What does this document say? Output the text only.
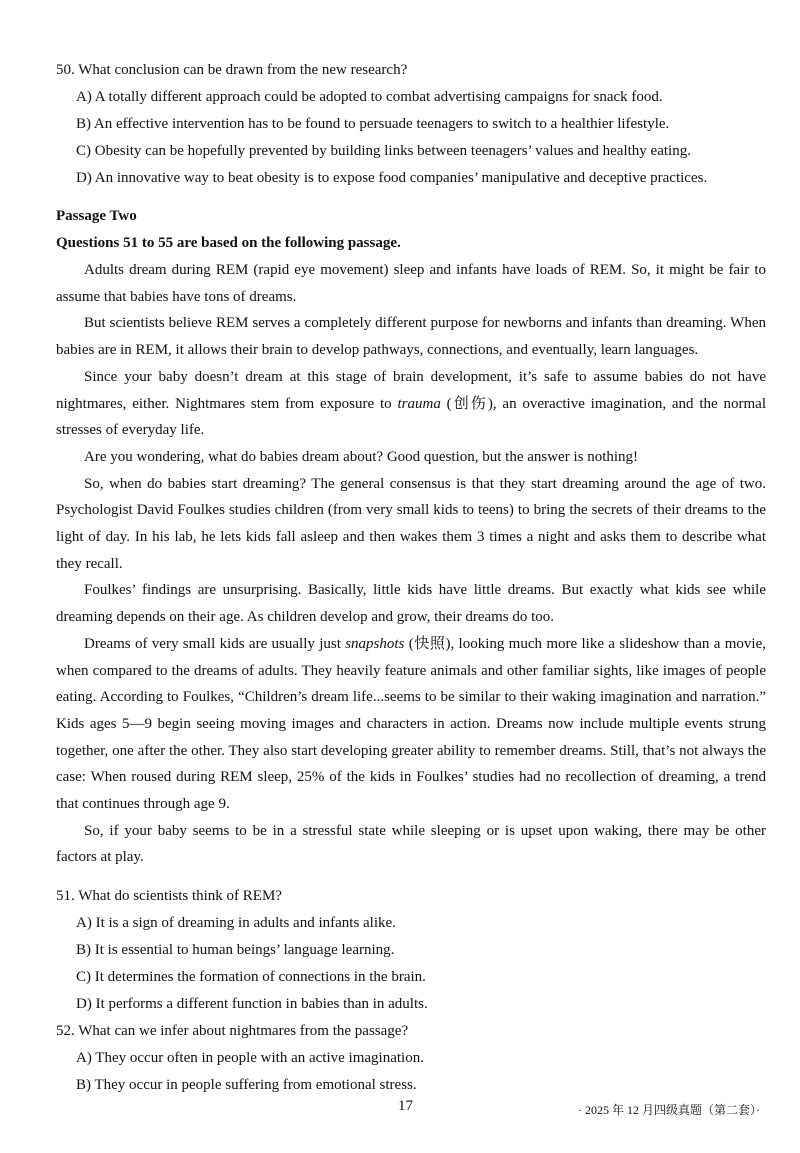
50. What conclusion can be drawn from the new research?
A) A totally different approach could be adopted to combat advertising campaigns for snack food.
B) An effective intervention has to be found to persuade teenagers to switch to a healthier lifestyle.
C) Obesity can be hopefully prevented by building links between teenagers’ values and healthy eating.
D) An innovative way to beat obesity is to expose food companies’ manipulative and deceptive practices.
Passage Two
Questions 51 to 55 are based on the following passage.

Adults dream during REM (rapid eye movement) sleep and infants have loads of REM. So, it might be fair to assume that babies have tons of dreams.

But scientists believe REM serves a completely different purpose for newborns and infants than dreaming. When babies are in REM, it allows their brain to develop pathways, connections, and eventually, learn languages.

Since your baby doesn’t dream at this stage of brain development, it’s safe to assume babies do not have nightmares, either. Nightmares stem from exposure to trauma (创伤), an overactive imagination, and the normal stresses of everyday life.

Are you wondering, what do babies dream about? Good question, but the answer is nothing!

So, when do babies start dreaming? The general consensus is that they start dreaming around the age of two. Psychologist David Foulkes studies children (from very small kids to teens) to bring the secrets of their dreams to the light of day. In his lab, he lets kids fall asleep and then wakes them 3 times a night and asks them to describe what they recall.

Foulkes’ findings are unsurprising. Basically, little kids have little dreams. But exactly what kids see while dreaming depends on their age. As children develop and grow, their dreams do too.

Dreams of very small kids are usually just snapshots (快照), looking much more like a slideshow than a movie, when compared to the dreams of adults. They heavily feature animals and other familiar sights, like images of people eating. According to Foulkes, “Children’s dream life...seems to be similar to their waking imagination and narration.” Kids ages 5—9 begin seeing moving images and characters in action. Dreams now include multiple events strung together, one after the other. They also start developing greater ability to remember dreams. Still, that’s not always the case: When roused during REM sleep, 25% of the kids in Foulkes’ studies had no recollection of dreaming, a trend that continues through age 9.

So, if your baby seems to be in a stressful state while sleeping or is upset upon waking, there may be other factors at play.

51. What do scientists think of REM?
A) It is a sign of dreaming in adults and infants alike.
B) It is essential to human beings’ language learning.
C) It determines the formation of connections in the brain.
D) It performs a different function in babies than in adults.
52. What can we infer about nightmares from the passage?
A) They occur often in people with an active imagination.
B) They occur in people suffering from emotional stress.
17	· 2025 年 12 月四级真题（第二套）·
